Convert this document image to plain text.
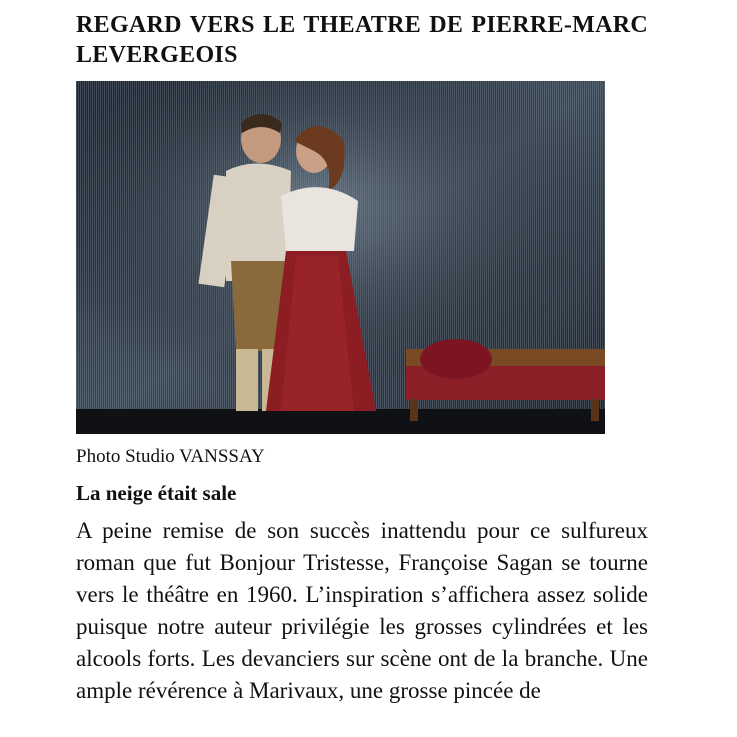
REGARD VERS LE THEATRE DE PIERRE-MARC LEVERGEOIS
Photo Studio VANSSAY
La neige était sale

A peine remise de son succès inattendu pour ce sulfureux roman que fut Bonjour Tristesse, Françoise Sagan se tourne vers le théâtre en 1960. L’inspiration s’affichera assez solide puisque notre auteur privilégie les grosses cylindrées et les alcools forts. Les devanciers sur scène ont de la branche. Une ample révérence à Marivaux, une grosse pincée de
